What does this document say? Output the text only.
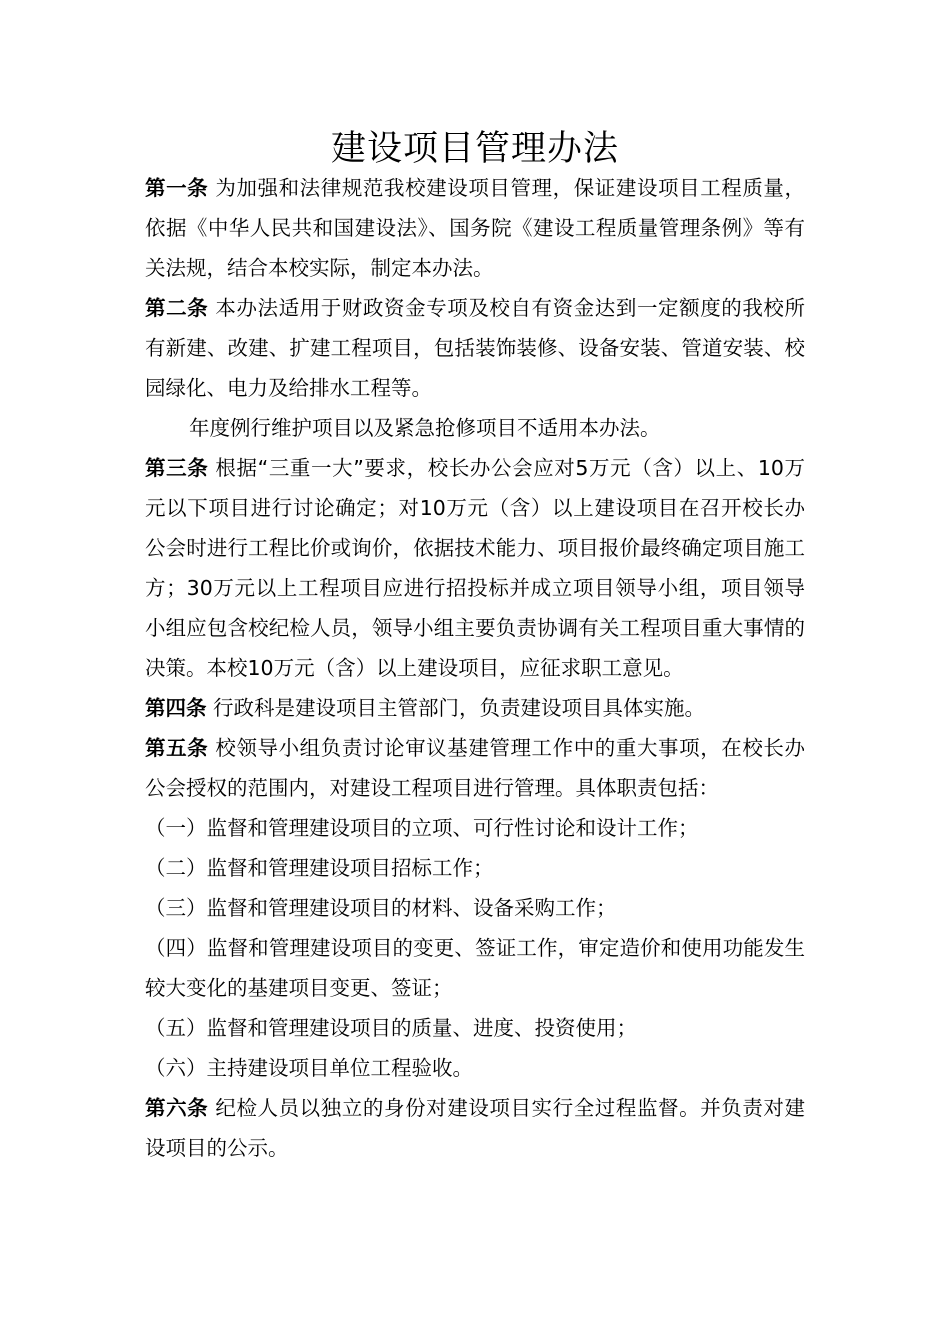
建设项目管理办法

第一条 为加强和法律规范我校建设项目管理，保证建设项目工程质量，依据《中华人民共和国建设法》、国务院《建设工程质量管理条例》等有关法规，结合本校实际，制定本办法。

第二条 本办法适用于财政资金专项及校自有资金达到一定额度的我校所有新建、改建、扩建工程项目，包括装饰装修、设备安装、管道安装、校园绿化、电力及给排水工程等。

年度例行维护项目以及紧急抢修项目不适用本办法。

第三条 根据“三重一大”要求，校长办公会应对5万元（含）以上、10万元以下项目进行讨论确定；对10万元（含）以上建设项目在召开校长办公会时进行工程比价或询价，依据技术能力、项目报价最终确定项目施工方；30万元以上工程项目应进行招投标并成立项目领导小组，项目领导小组应包含校纪检人员，领导小组主要负责协调有关工程项目重大事情的决策。本校10万元（含）以上建设项目，应征求职工意见。

第四条 行政科是建设项目主管部门，负责建设项目具体实施。

第五条 校领导小组负责讨论审议基建管理工作中的重大事项，在校长办公会授权的范围内，对建设工程项目进行管理。具体职责包括：

（一）监督和管理建设项目的立项、可行性讨论和设计工作；

（二）监督和管理建设项目招标工作；

（三）监督和管理建设项目的材料、设备采购工作；

（四）监督和管理建设项目的变更、签证工作，审定造价和使用功能发生较大变化的基建项目变更、签证；

（五）监督和管理建设项目的质量、进度、投资使用；

（六）主持建设项目单位工程验收。

第六条 纪检人员以独立的身份对建设项目实行全过程监督。并负责对建设项目的公示。
